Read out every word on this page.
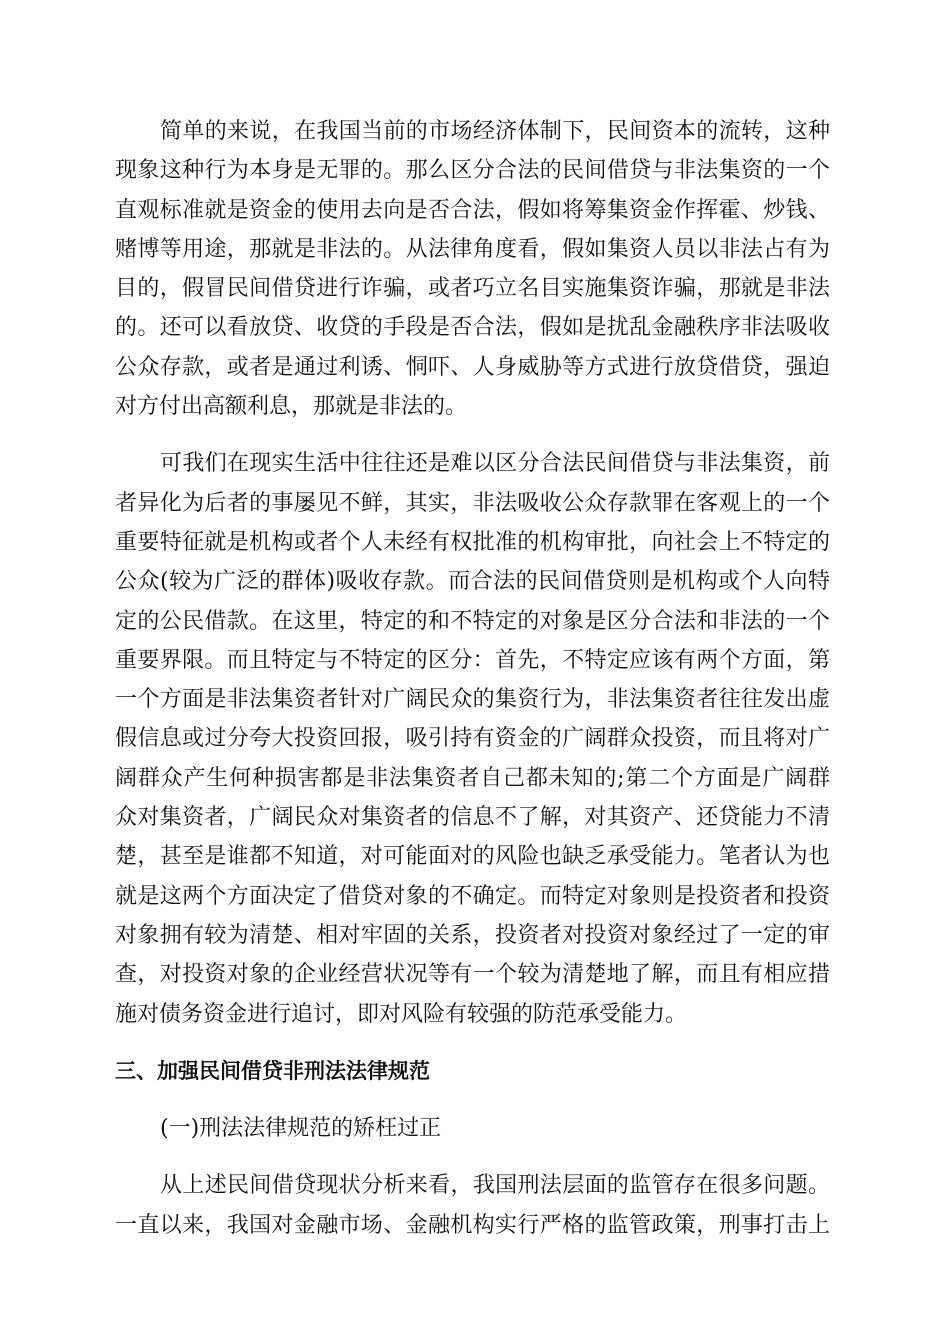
简单的来说，在我国当前的市场经济体制下，民间资本的流转，这种
现象这种行为本身是无罪的。那么区分合法的民间借贷与非法集资的一个
直观标准就是资金的使用去向是否合法，假如将筹集资金作挥霍、炒钱、
赌博等用途，那就是非法的。从法律角度看，假如集资人员以非法占有为
目的，假冒民间借贷进行诈骗，或者巧立名目实施集资诈骗，那就是非法
的。还可以看放贷、收贷的手段是否合法，假如是扰乱金融秩序非法吸收
公众存款，或者是通过利诱、恫吓、人身威胁等方式进行放贷借贷，强迫
对方付出高额利息，那就是非法的。
可我们在现实生活中往往还是难以区分合法民间借贷与非法集资，前
者异化为后者的事屡见不鲜，其实，非法吸收公众存款罪在客观上的一个
重要特征就是机构或者个人未经有权批准的机构审批，向社会上不特定的
公众(较为广泛的群体)吸收存款。而合法的民间借贷则是机构或个人向特
定的公民借款。在这里，特定的和不特定的对象是区分合法和非法的一个
重要界限。而且特定与不特定的区分：首先，不特定应该有两个方面，第
一个方面是非法集资者针对广阔民众的集资行为，非法集资者往往发出虚
假信息或过分夸大投资回报，吸引持有资金的广阔群众投资，而且将对广
阔群众产生何种损害都是非法集资者自己都未知的;第二个方面是广阔群
众对集资者，广阔民众对集资者的信息不了解，对其资产、还贷能力不清
楚，甚至是谁都不知道，对可能面对的风险也缺乏承受能力。笔者认为也
就是这两个方面决定了借贷对象的不确定。而特定对象则是投资者和投资
对象拥有较为清楚、相对牢固的关系，投资者对投资对象经过了一定的审
查，对投资对象的企业经营状况等有一个较为清楚地了解，而且有相应措
施对债务资金进行追讨，即对风险有较强的防范承受能力。
三、加强民间借贷非刑法法律规范
(一)刑法法律规范的矫枉过正
从上述民间借贷现状分析来看，我国刑法层面的监管存在很多问题。
一直以来，我国对金融市场、金融机构实行严格的监管政策，刑事打击上
